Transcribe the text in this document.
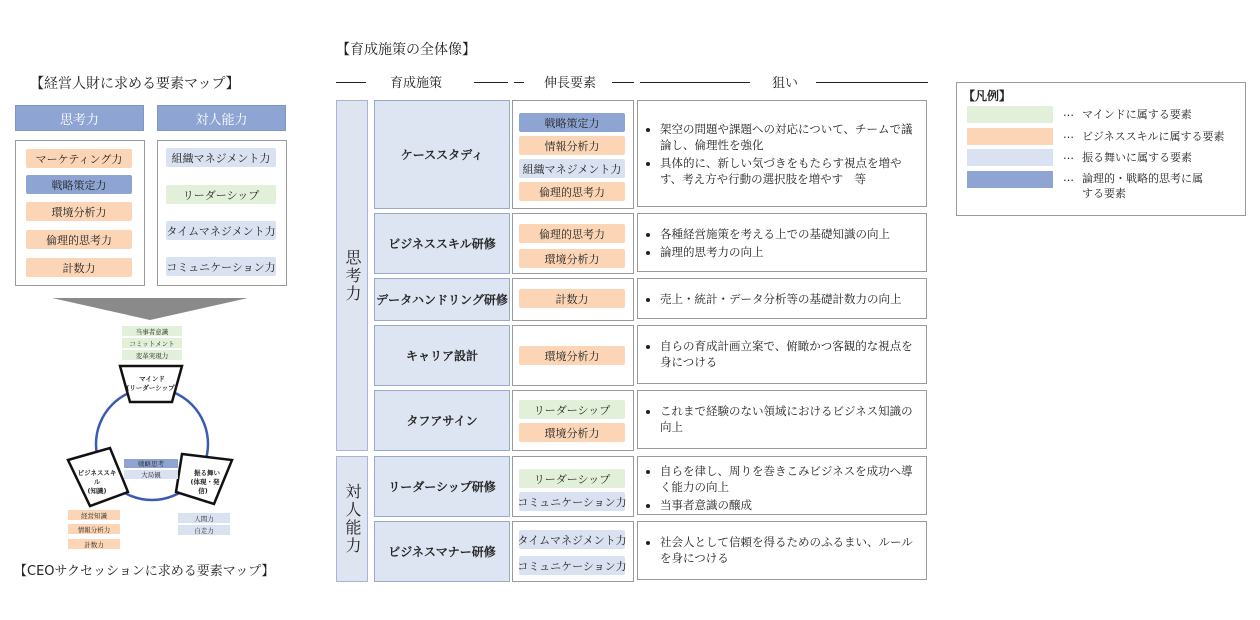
【経営人財に求める要素マップ】
思考力	対人能力
マーケティング力
戦略策定力
環境分析力
倫理的思考力
計数力
組織マネジメント力
リーダーシップ
タイムマネジメント力
コミュニケーション力
当事者意識
コミットメント
変革実現力
マインド
(リーダーシップ)
戦略思考
大局観
ビジネススキ
ル
(知識)
振る舞い
(体現・発
信)
経営知識
情報分析力
計数力
人間力
自走力
【CEOサクセッションに求める要素マップ】
【育成施策の全体像】
育成施策	伸長要素	狙い
思考力
対人能力
ケーススタディ
戦略策定力
情報分析力
組織マネジメント力
倫理的思考力
• 架空の問題や課題への対応について、チームで議論し、倫理性を強化
• 具体的に、新しい気づきをもたらす視点を増やす、考え方や行動の選択肢を増やす　等
ビジネススキル研修
倫理的思考力
環境分析力
• 各種経営施策を考える上での基礎知識の向上
• 論理的思考力の向上
データハンドリング研修	計数力
•	売上・統計・データ分析等の基礎計数力の向上
キャリア設計	環境分析力
• 自らの育成計画立案で、俯瞰かつ客観的な視点を身につける
タフアサイン
リーダーシップ
環境分析力
• これまで経験のない領域におけるビジネス知識の向上
リーダーシップ研修
リーダーシップ
コミュニケーション力
• 自らを律し、周りを巻きこみビジネスを成功へ導く能力の向上
• 当事者意識の醸成
ビジネスマナー研修
タイムマネジメント力
コミュニケーション力
• 社会人として信頼を得るためのふるまい、ルールを身につける
【凡例】
… マインドに属する要素
… ビジネススキルに属する要素
… 振る舞いに属する要素
… 論理的・戦略的思考に属する要素
